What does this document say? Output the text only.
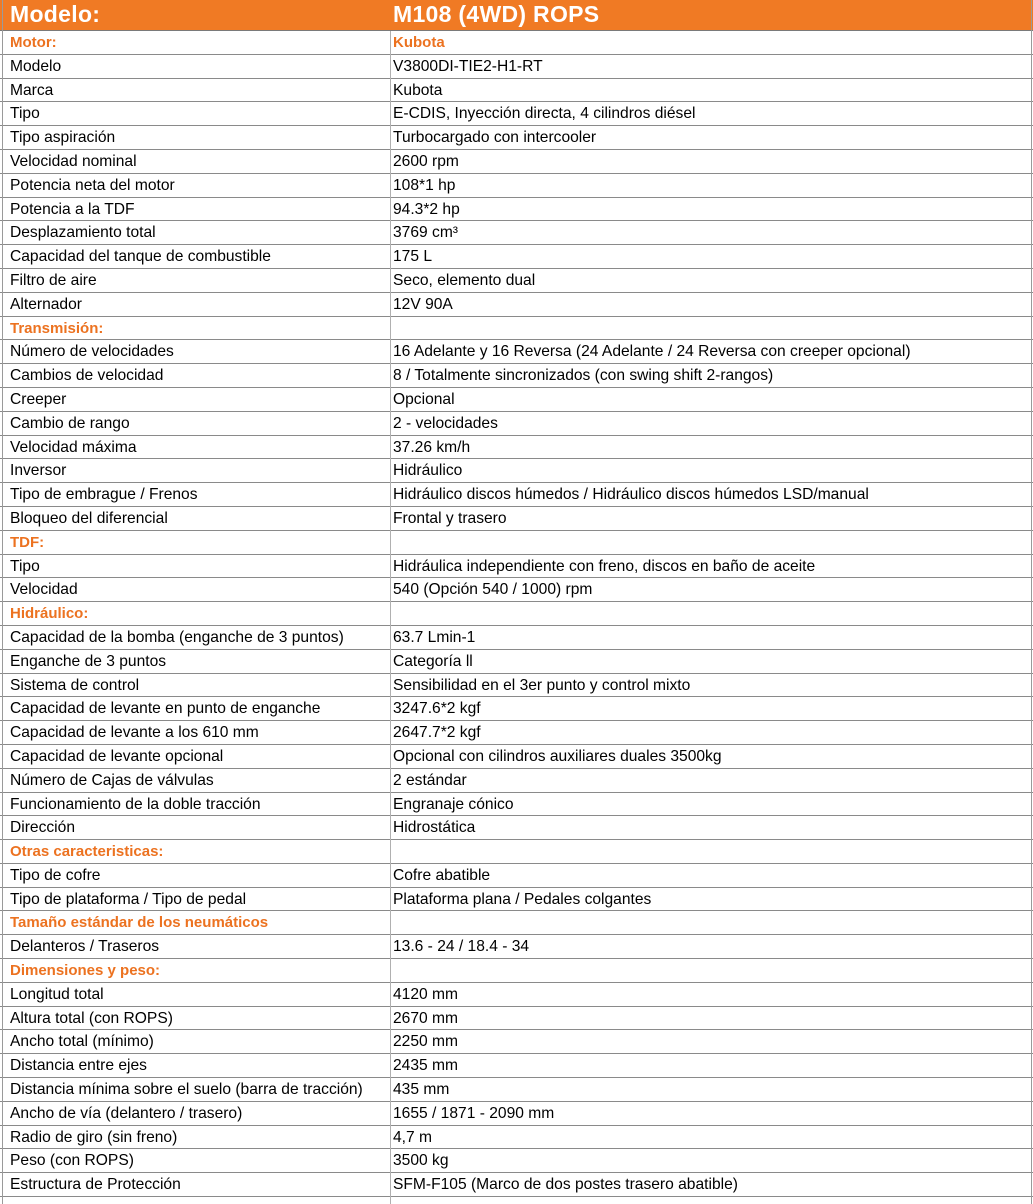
Modelo:	M108 (4WD) ROPS
Motor:	Kubota
Modelo	V3800DI-TIE2-H1-RT
Marca	Kubota
Tipo	E-CDIS, Inyección directa, 4 cilindros diésel
Tipo aspiración	Turbocargado con intercooler
Velocidad nominal	2600 rpm
Potencia neta del motor	108*1 hp
Potencia a la TDF	94.3*2 hp
Desplazamiento total	3769 cm³
Capacidad del tanque de combustible	175 L
Filtro de aire	Seco, elemento dual
Alternador	12V 90A
Transmisión:
Número de velocidades	16 Adelante y 16 Reversa (24 Adelante / 24 Reversa con creeper opcional)
Cambios de velocidad	8 / Totalmente sincronizados (con swing shift 2-rangos)
Creeper	Opcional
Cambio de rango	2 - velocidades
Velocidad máxima	37.26 km/h
Inversor	Hidráulico
Tipo de embrague / Frenos	Hidráulico discos húmedos / Hidráulico discos húmedos LSD/manual
Bloqueo del diferencial	Frontal y trasero
TDF:
Tipo	Hidráulica independiente con freno, discos en baño de aceite
Velocidad	540 (Opción 540 / 1000) rpm
Hidráulico:
Capacidad de la bomba (enganche de 3 puntos)	63.7 Lmin-1
Enganche de 3 puntos	Categoría ll
Sistema de control	Sensibilidad en el 3er punto y control mixto
Capacidad de levante en punto de enganche	3247.6*2 kgf
Capacidad de levante a los 610 mm	2647.7*2 kgf
Capacidad de levante opcional	Opcional con cilindros auxiliares duales 3500kg
Número de Cajas de válvulas	2 estándar
Funcionamiento de la doble tracción	Engranaje cónico
Dirección	Hidrostática
Otras caracteristicas:
Tipo de cofre	Cofre abatible
Tipo de plataforma / Tipo de pedal	Plataforma plana / Pedales colgantes
Tamaño estándar de los neumáticos
Delanteros / Traseros	13.6 - 24 / 18.4 - 34
Dimensiones y peso:
Longitud total	4120 mm
Altura total (con ROPS)	2670 mm
Ancho total (mínimo)	2250 mm
Distancia entre ejes	2435 mm
Distancia mínima sobre el suelo (barra de tracción) 435 mm
Ancho de vía (delantero / trasero)	1655 / 1871 - 2090 mm
Radio de giro (sin freno)	4,7 m
Peso (con ROPS)	3500 kg
Estructura de Protección	SFM-F105 (Marco de dos postes trasero abatible)
